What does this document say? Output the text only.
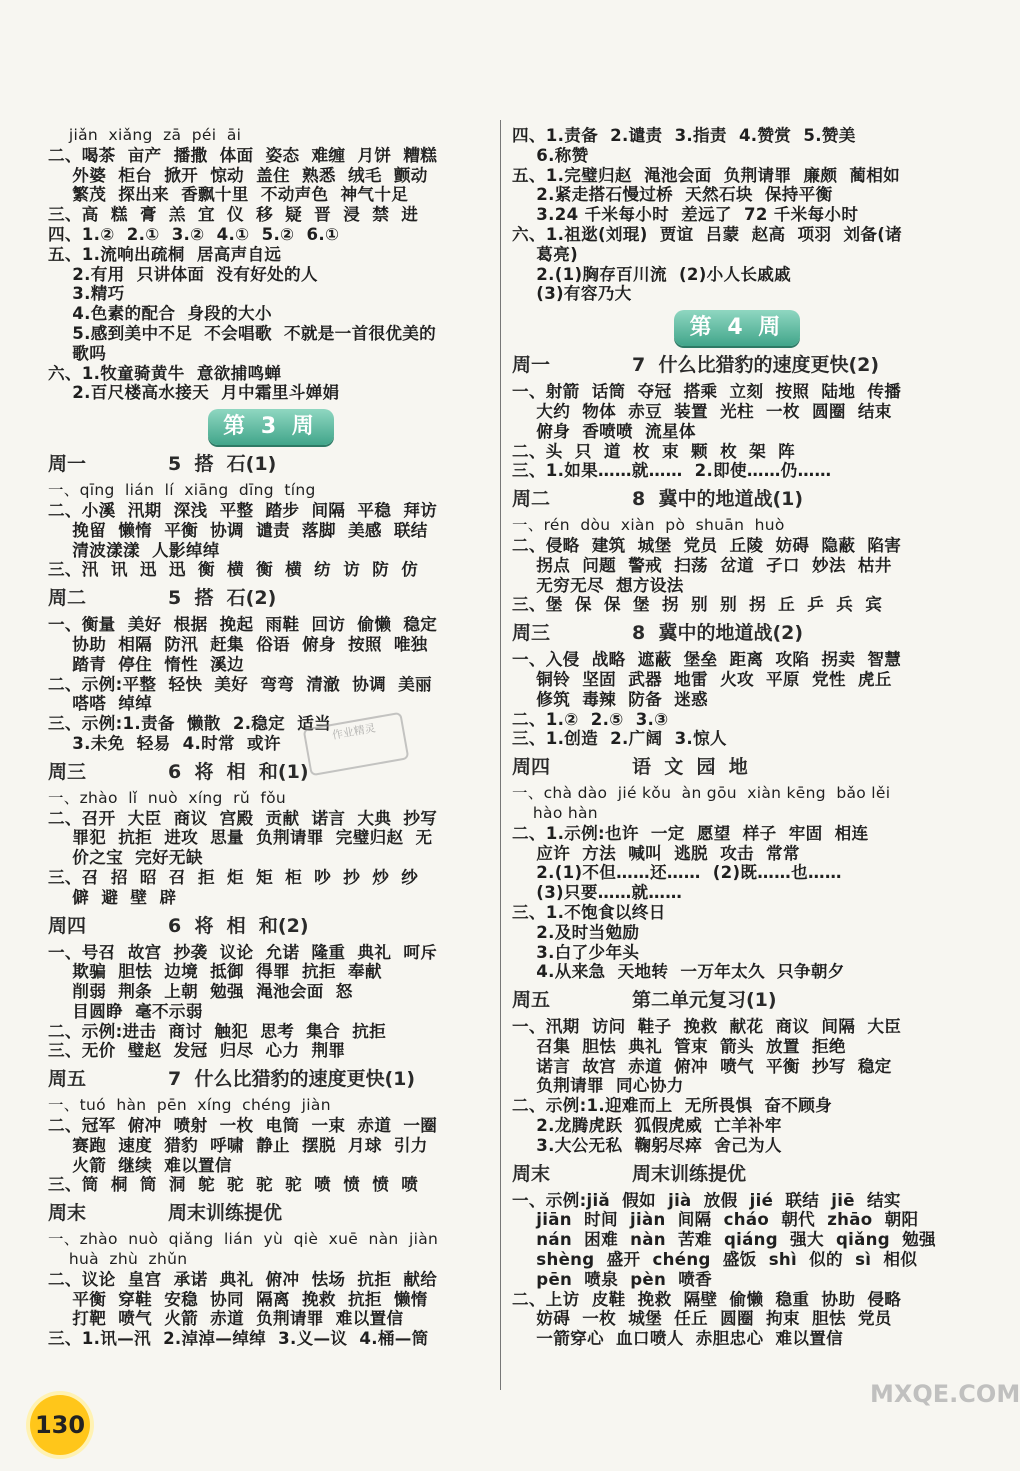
jiǎn  xiǎng  zā  péi  āi
二、喝茶  亩产  播撒  体面  姿态  难缠  月饼  糟糕
外婆  柜台  掀开  惊动  盖住  熟悉  绒毛  颤动
繁茂  探出来  香飘十里  不动声色  神气十足
三、高  糕  膏  羔  宜  仪  移  疑  晋  浸  禁  进
四、1.②  2.①  3.②  4.①  5.②  6.①
五、1.流响出疏桐  居高声自远
2.有用  只讲体面  没有好处的人
3.精巧
4.色素的配合  身段的大小
5.感到美中不足  不会唱歌  不就是一首很优美的
歌吗
六、1.牧童骑黄牛  意欲捕鸣蝉
2.百尺楼高水接天  月中霜里斗婵娟
第 3 周
周一	5  搭  石(1)
一、qīng  lián  lí  xiāng  dīng  tíng
二、小溪  汛期  深浅  平整  踏步  间隔  平稳  拜访
挽留  懒惰  平衡  协调  谴责  落脚  美感  联结
清波漾漾  人影绰绰
三、汛  讯  迅  迅  衡  横  衡  横  纺  访  防  仿
周二	5  搭  石(2)
一、衡量  美好  根据  挽起  雨鞋  回访  偷懒  稳定
协助  相隔  防汛  赶集  俗语  俯身  按照  唯独
踏青  停住  惰性  溪边
二、示例:平整  轻快  美好  弯弯  清澈  协调  美丽
嗒嗒  绰绰
三、示例:1.责备  懒散  2.稳定  适当
3.未免  轻易  4.时常  或许
周三	6  将  相  和(1)
一、zhào  lǐ  nuò  xíng  rǔ  fǒu
二、召开  大臣  商议  宫殿  贡献  诺言  大典  抄写
罪犯  抗拒  进攻  思量  负荆请罪  完璧归赵  无
价之宝  完好无缺
三、召  招  昭  召  拒  炬  矩  柜  吵  抄  炒  纱
僻  避  壁  辟
周四	6  将  相  和(2)
一、号召  故宫  抄袭  议论  允诺  隆重  典礼  呵斥
欺骗  胆怯  边境  抵御  得罪  抗拒  奉献
削弱  荆条  上朝  勉强  渑池会面  怒
目圆睁  毫不示弱
二、示例:进击  商讨  触犯  思考  集合  抗拒
三、无价  璧赵  发冠  归尽  心力  荆罪
周五	7  什么比猎豹的速度更快(1)
一、tuó  hàn  pēn  xíng  chéng  jiàn
二、冠军  俯冲  喷射  一枚  电筒  一束  赤道  一圈
赛跑  速度  猎豹  呼啸  静止  摆脱  月球  引力
火箭  继续  难以置信
三、筒  桐  筒  洞  鸵  驼  驼  驼  喷  愤  愤  喷
周末	周末训练提优
一、zhào  nuò  qiǎng  lián  yù  qiè  xuē  nàn  jiàn
huà  zhù  zhǔn
二、议论  皇宫  承诺  典礼  俯冲  怯场  抗拒  献给
平衡  穿鞋  安稳  协同  隔离  挽救  抗拒  懒惰
打靶  喷气  火箭  赤道  负荆请罪  难以置信
三、1.讯—汛  2.淖淖—绰绰  3.义—议  4.桶—筒
四、1.责备  2.谴责  3.指责  4.赞赏  5.赞美
6.称赞
五、1.完璧归赵  渑池会面  负荆请罪  廉颇  蔺相如
2.紧走搭石慢过桥  天然石块  保持平衡
3.24 千米每小时  差远了  72 千米每小时
六、1.祖逖(刘琨)  贾谊  吕蒙  赵高  项羽  刘备(诸
葛亮)
2.(1)胸存百川流  (2)小人长戚戚
(3)有容乃大
第 4 周
周一	7  什么比猎豹的速度更快(2)
一、射箭  话筒  夺冠  搭乘  立刻  按照  陆地  传播
大约  物体  赤豆  装置  光柱  一枚  圆圈  结束
俯身  香喷喷  流星体
二、头  只  道  枚  束  颗  枚  架  阵
三、1.如果……就……  2.即使……仍……
周二	8  冀中的地道战(1)
一、rén  dòu  xiàn  pò  shuān  huò
二、侵略  建筑  城堡  党员  丘陵  妨碍  隐蔽  陷害
拐点  问题  警戒  扫荡  岔道  孑口  妙法  枯井
无穷无尽  想方设法
三、堡  保  保  堡  拐  别  别  拐  丘  乒  兵  宾
周三	8  冀中的地道战(2)
一、入侵  战略  遮蔽  堡垒  距离  攻陷  拐卖  智慧
铜铃  坚固  武器  地雷  火攻  平原  党性  虎丘
修筑  毒辣  防备  迷惑
二、1.②  2.⑤  3.③
三、1.创造  2.广阔  3.惊人
周四	语  文  园  地
一、chà dào  jié kǒu  àn gōu  xiàn kēng  bǎo lěi
hào hàn
二、1.示例:也许  一定  愿望  样子  牢固  相连
应许  方法  喊叫  逃脱  攻击  常常
2.(1)不但……还……  (2)既……也……
(3)只要……就……
三、1.不饱食以终日
2.及时当勉励
3.白了少年头
4.从来急  天地转  一万年太久  只争朝夕
周五	第二单元复习(1)
一、汛期  访问  鞋子  挽救  献花  商议  间隔  大臣
召集  胆怯  典礼  管束  箭头  放置  拒绝
诺言  故宫  赤道  俯冲  喷气  平衡  抄写  稳定
负荆请罪  同心协力
二、示例:1.迎难而上  无所畏惧  奋不顾身
2.龙腾虎跃  狐假虎威  亡羊补牢
3.大公无私  鞠躬尽瘁  舍己为人
周末	周末训练提优
一、示例:jiǎ  假如  jià  放假  jié  联结  jiē  结实
jiān  时间  jiàn  间隔  cháo  朝代  zhāo  朝阳
nán  困难  nàn  苦难  qiáng  强大  qiǎng  勉强
shèng  盛开  chéng  盛饭  shì  似的  sì  相似
pēn  喷泉  pèn  喷香
二、上访  皮鞋  挽救  隔壁  偷懒  稳重  协助  侵略
妨碍  一枚  城堡  任丘  圆圈  拘束  胆怯  党员
一箭穿心  血口喷人  赤胆忠心  难以置信
作业精灵
MXQE.COM
130
